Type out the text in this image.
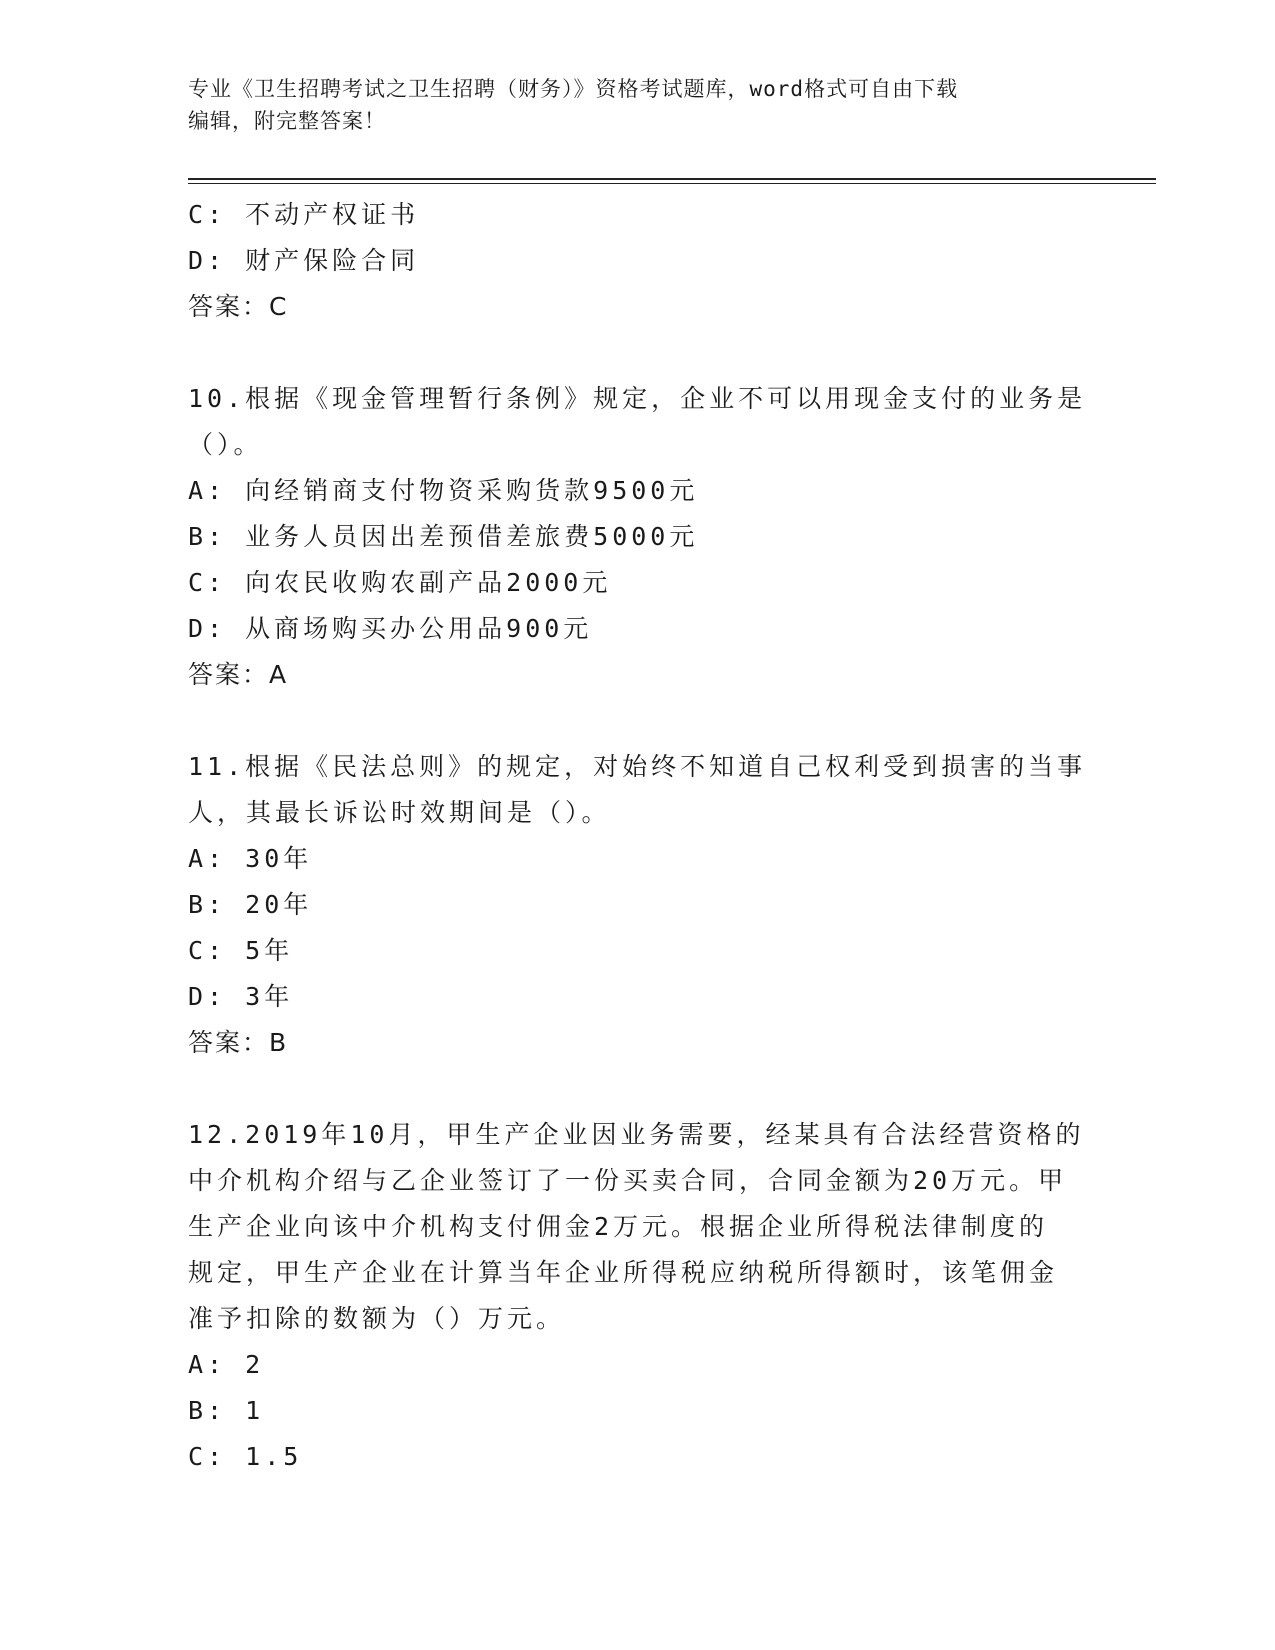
专业《卫生招聘考试之卫生招聘（财务）》资格考试题库，word格式可自由下载
编辑，附完整答案！
C: 不动产权证书
D: 财产保险合同
答案：C
10.根据《现金管理暂行条例》规定，企业不可以用现金支付的业务是
（）。
A: 向经销商支付物资采购货款9500元
B: 业务人员因出差预借差旅费5000元
C: 向农民收购农副产品2000元
D: 从商场购买办公用品900元
答案：A
11.根据《民法总则》的规定，对始终不知道自己权利受到损害的当事
人，其最长诉讼时效期间是（）。
A: 30年
B: 20年
C: 5年
D: 3年
答案：B
12.2019年10月，甲生产企业因业务需要，经某具有合法经营资格的
中介机构介绍与乙企业签订了一份买卖合同，合同金额为20万元。甲
生产企业向该中介机构支付佣金2万元。根据企业所得税法律制度的
规定，甲生产企业在计算当年企业所得税应纳税所得额时，该笔佣金
准予扣除的数额为（）万元。
A: 2
B: 1
C: 1.5
